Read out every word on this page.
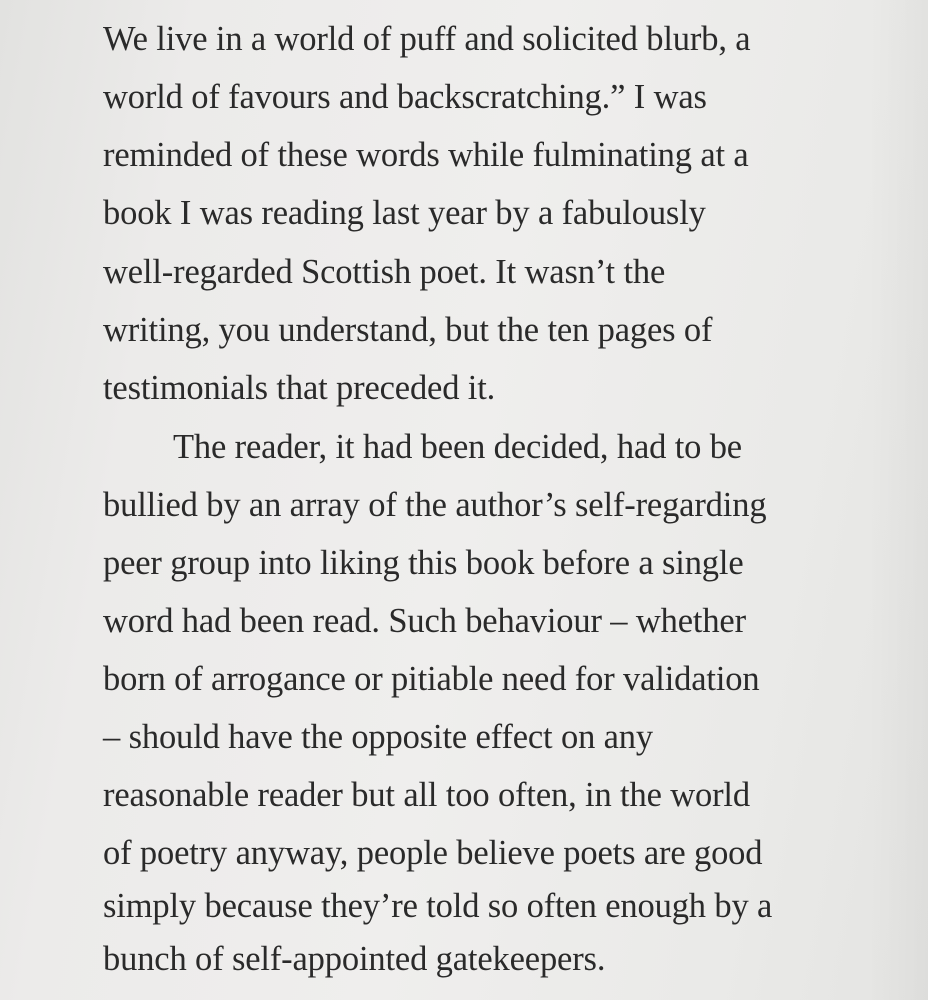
We live in a world of puff and solicited blurb, a
world of favours and backscratching.” I was
reminded of these words while fulminating at a
book I was reading last year by a fabulously
well-regarded Scottish poet. It wasn’t the
writing, you understand, but the ten pages of
testimonials that preceded it.
The reader, it had been decided, had to be
bullied by an array of the author’s self-regarding
peer group into liking this book before a single
word had been read. Such behaviour – whether
born of arrogance or pitiable need for validation
– should have the opposite effect on any
reasonable reader but all too often, in the world
of poetry anyway, people believe poets are good
simply because they’re told so often enough by a
bunch of self-appointed gatekeepers.
